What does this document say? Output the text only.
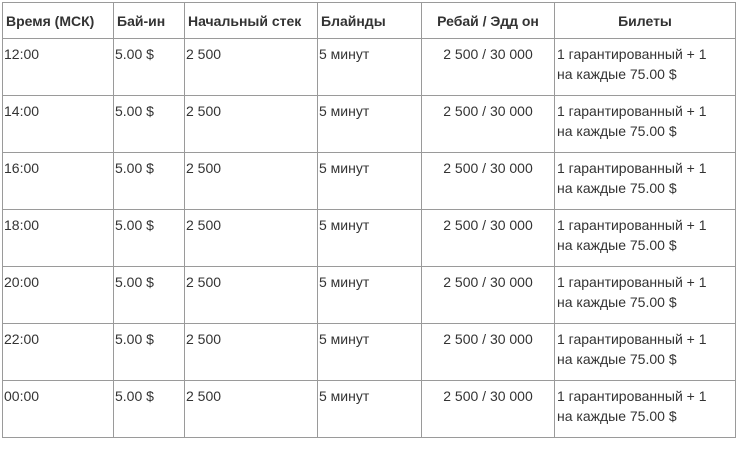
Время (МСК)	Бай-ин	Начальный стек	Блайнды	Ребай / Эдд он	Билеты
12:00	5.00 $	2 500	5 минут	2 500 / 30 000	1 гарантированный + 1
на каждые 75.00 $
14:00	5.00 $	2 500	5 минут	2 500 / 30 000	1 гарантированный + 1
на каждые 75.00 $
16:00	5.00 $	2 500	5 минут	2 500 / 30 000	1 гарантированный + 1
на каждые 75.00 $
18:00	5.00 $	2 500	5 минут	2 500 / 30 000	1 гарантированный + 1
на каждые 75.00 $
20:00	5.00 $	2 500	5 минут	2 500 / 30 000	1 гарантированный + 1
на каждые 75.00 $
22:00	5.00 $	2 500	5 минут	2 500 / 30 000	1 гарантированный + 1
на каждые 75.00 $
00:00	5.00 $	2 500	5 минут	2 500 / 30 000	1 гарантированный + 1
на каждые 75.00 $
